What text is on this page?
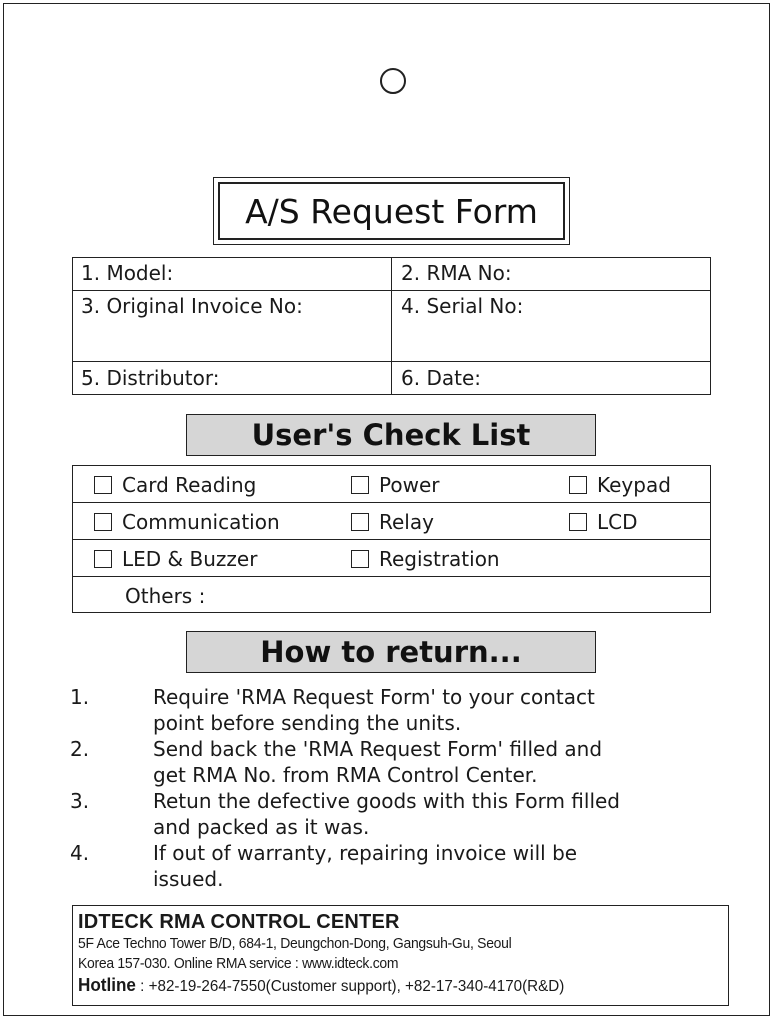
A/S Request Form
1. Model:	2. RMA No:
3. Original Invoice No:	4. Serial No:
5. Distributor:	6. Date:
User's Check List
Card Reading	Power	Keypad
Communication	Relay	LCD
LED & Buzzer	Registration
Others :
How to return...
1.	Require 'RMA Request Form' to your contact
point before sending the units.
2.	Send back the 'RMA Request Form' filled and
get RMA No. from RMA Control Center.
3.	Retun the defective goods with this Form filled
and packed as it was.
4.	If out of warranty, repairing invoice will be
issued.
IDTECK RMA CONTROL CENTER
5F Ace Techno Tower B/D, 684-1, Deungchon-Dong, Gangsuh-Gu, Seoul
Korea 157-030. Online RMA service : www.idteck.com
Hotline : +82-19-264-7550(Customer support), +82-17-340-4170(R&D)
